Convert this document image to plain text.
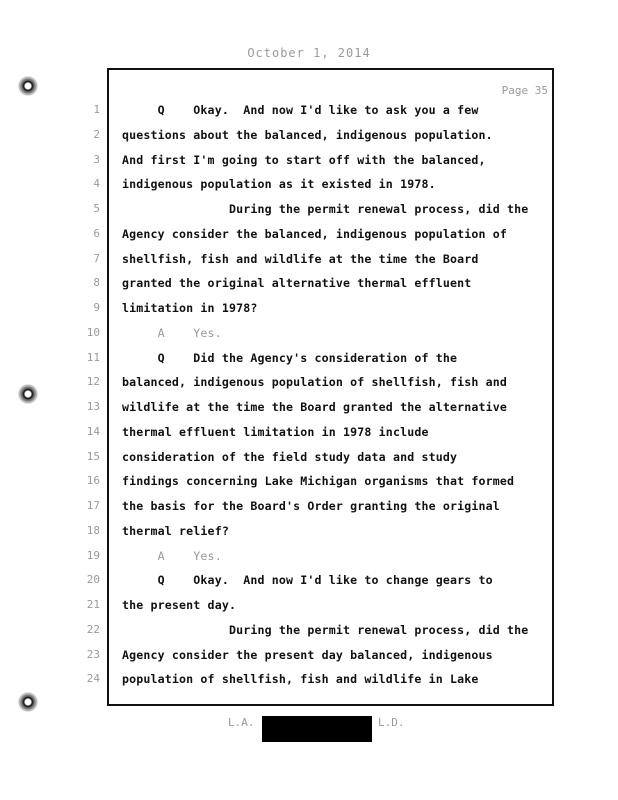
October 1, 2014
Page 35
1 Q    Okay.  And now I'd like to ask you a few
2 questions about the balanced, indigenous population.
3 And first I'm going to start off with the balanced,
4 indigenous population as it existed in 1978.
5 During the permit renewal process, did the
6 Agency consider the balanced, indigenous population of
7 shellfish, fish and wildlife at the time the Board
8 granted the original alternative thermal effluent
9 limitation in 1978?
10 A    Yes.
11 Q    Did the Agency's consideration of the
12 balanced, indigenous population of shellfish, fish and
13 wildlife at the time the Board granted the alternative
14 thermal effluent limitation in 1978 include
15 consideration of the field study data and study
16 findings concerning Lake Michigan organisms that formed
17 the basis for the Board's Order granting the original
18 thermal relief?
19 A    Yes.
20 Q    Okay.  And now I'd like to change gears to
21 the present day.
22 During the permit renewal process, did the
23 Agency consider the present day balanced, indigenous
24 population of shellfish, fish and wildlife in Lake
L.A.	L.D.
